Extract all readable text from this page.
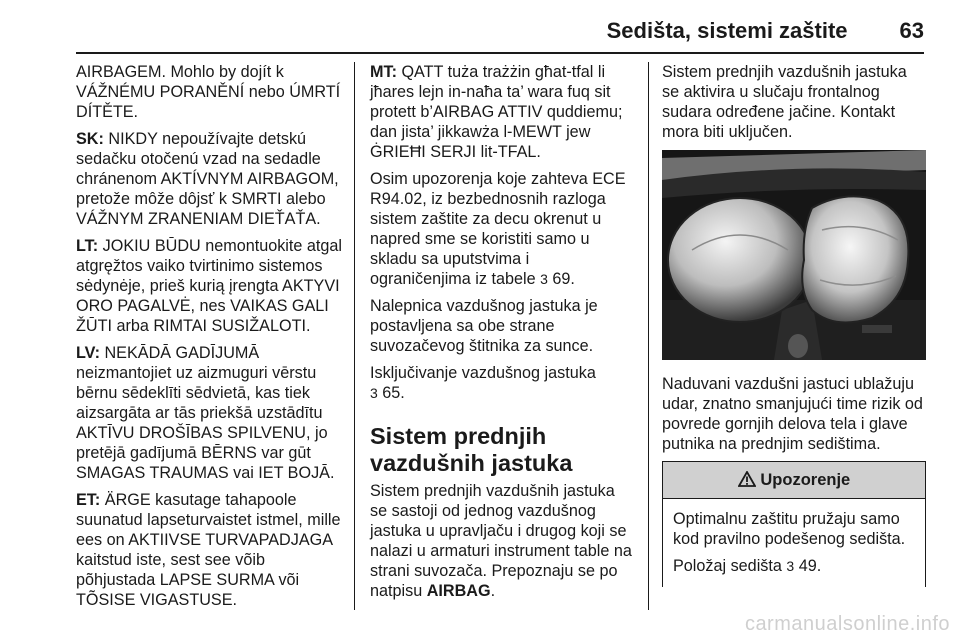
Sedišta, sistemi zaštite 63

AIRBAGEM. Mohlo by dojít k VÁŽNÉMU PORANĚNÍ nebo ÚMRTÍ DÍTĚTE.

SK: NIKDY nepoužívajte detskú sedačku otočenú vzad na sedadle chránenom AKTÍVNYM AIRBAGOM, pretože môže dôjsť k SMRTI alebo VÁŽNYM ZRANENIAM DIEŤAŤA.

LT: JOKIU BŪDU nemontuokite atgal atgręžtos vaiko tvirtinimo sistemos sėdynėje, prieš kurią įrengta AKTYVI ORO PAGALVĖ, nes VAIKAS GALI ŽŪTI arba RIMTAI SUSIŽALOTI.

LV: NEKĀDĀ GADĪJUMĀ neizmantojiet uz aizmuguri vērstu bērnu sēdeklīti sēdvietā, kas tiek aizsargāta ar tās priekšā uzstādītu AKTĪVU DROŠĪBAS SPILVENU, jo pretējā gadījumā BĒRNS var gūt SMAGAS TRAUMAS vai IET BOJĀ.

ET: ÄRGE kasutage tahapoole suunatud lapseturvaistet istmel, mille ees on AKTIIVSE TURVAPADJAGA kaitstud iste, sest see võib põhjustada LAPSE SURMA või TÕSISE VIGASTUSE.

MT: QATT tuża trażżin għat-tfal li jħares lejn in-naħa ta’ wara fuq sit protett b’AIRBAG ATTIV quddiemu; dan jista’ jikkawża l-MEWT jew ĠRIEĦI SERJI lit-TFAL.

Osim upozorenja koje zahteva ECE R94.02, iz bezbednosnih razloga sistem zaštite za decu okrenut u napred sme se koristiti samo u skladu sa uputstvima i ograničenjima iz tabele 3 69.

Nalepnica vazdušnog jastuka je postavljena sa obe strane suvozačevog štitnika za sunce.

Isključivanje vazdušnog jastuka
3 65.

Sistem prednjih vazdušnih jastuka

Sistem prednjih vazdušnih jastuka se sastoji od jednog vazdušnog jastuka u upravljaču i drugog koji se nalazi u armaturi instrument table na strani suvozača. Prepoznaju se po natpisu AIRBAG.

Sistem prednjih vazdušnih jastuka se aktivira u slučaju frontalnog sudara određene jačine. Kontakt mora biti uključen.

Naduvani vazdušni jastuci ublažuju udar, znatno smanjujući time rizik od povrede gornjih delova tela i glave putnika na prednjim sedištima.

Upozorenje

Optimalnu zaštitu pružaju samo kod pravilno podešenog sedišta.

Položaj sedišta 3 49.

carmanualsonline.info
